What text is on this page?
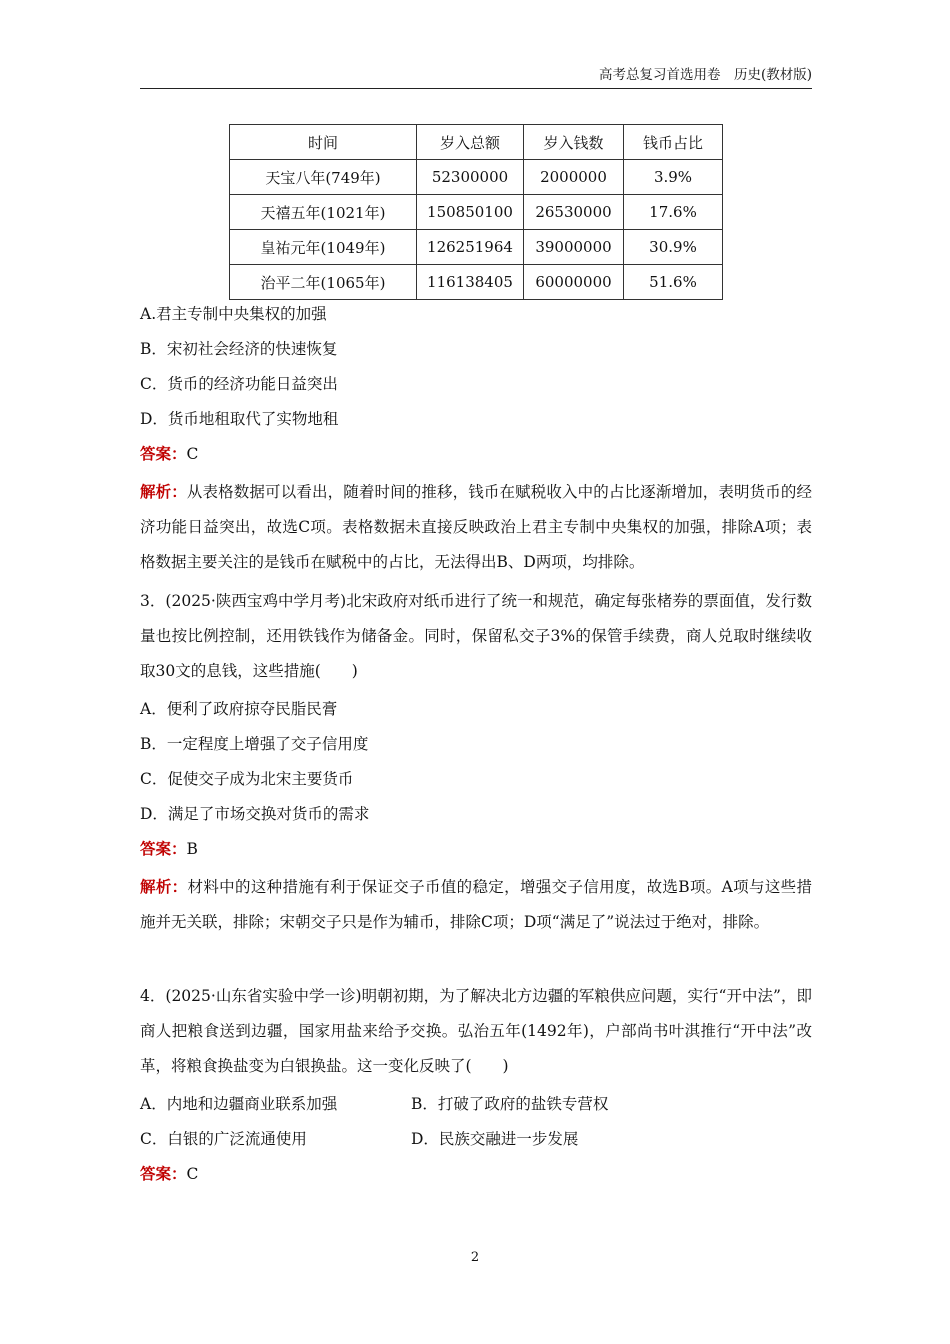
高考总复习首选用卷　历史(教材版)
时间	岁入总额	岁入钱数	钱币占比
天宝八年(749年)	52300000	2000000	3.9%
天禧五年(1021年)	150850100	26530000	17.6%
皇祐元年(1049年)	126251964	39000000	30.9%
治平二年(1065年)	116138405	60000000	51.6%
A.君主专制中央集权的加强
B．宋初社会经济的快速恢复
C．货币的经济功能日益突出
D．货币地租取代了实物地租
答案：C
解析：从表格数据可以看出，随着时间的推移，钱币在赋税收入中的占比逐渐增加，表明货币的经济功能日益突出，故选C项。表格数据未直接反映政治上君主专制中央集权的加强，排除A项；表格数据主要关注的是钱币在赋税中的占比，无法得出B、D两项，均排除。
3．(2025·陕西宝鸡中学月考)北宋政府对纸币进行了统一和规范，确定每张楮券的票面值，发行数量也按比例控制，还用铁钱作为储备金。同时，保留私交子3%的保管手续费，商人兑取时继续收取30文的息钱，这些措施(　　)
A．便利了政府掠夺民脂民膏
B．一定程度上增强了交子信用度
C．促使交子成为北宋主要货币
D．满足了市场交换对货币的需求
答案：B
解析：材料中的这种措施有利于保证交子币值的稳定，增强交子信用度，故选B项。A项与这些措施并无关联，排除；宋朝交子只是作为辅币，排除C项；D项“满足了”说法过于绝对，排除。
4．(2025·山东省实验中学一诊)明朝初期，为了解决北方边疆的军粮供应问题，实行“开中法”，即商人把粮食送到边疆，国家用盐来给予交换。弘治五年(1492年)，户部尚书叶淇推行“开中法”改革，将粮食换盐变为白银换盐。这一变化反映了(　　)
A．内地和边疆商业联系加强	B．打破了政府的盐铁专营权
C．白银的广泛流通使用	D．民族交融进一步发展
答案：C
2
